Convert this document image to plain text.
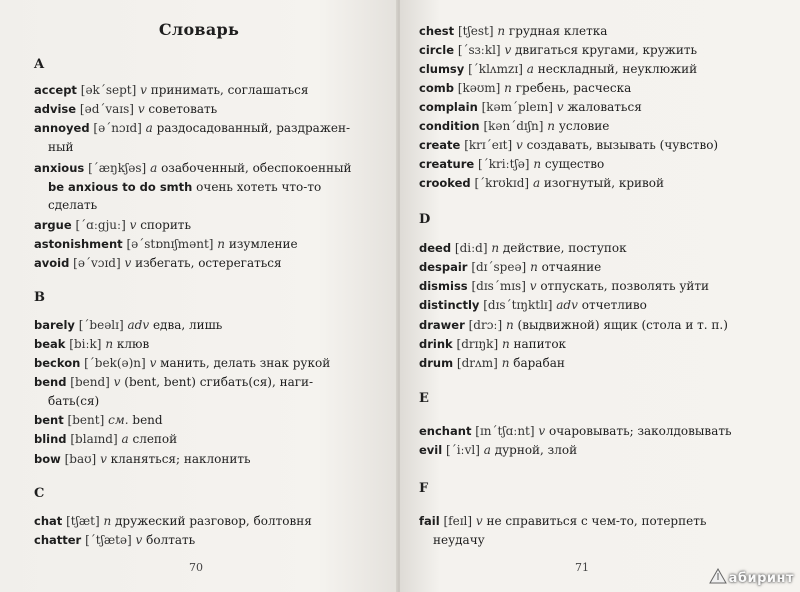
Словарь
A
accept [ək΄sept] v принимать, соглашаться
advise [əd΄vaɪs] v советовать
annoyed [ə΄nɔɪd] a раздосадованный, раздражен-
ный
anxious [΄æŋkʃəs] a озабоченный, обеспокоенный
be anxious to do smth очень хотеть что-то
сделать
argue [΄ɑːgjuː] v спорить
astonishment [ə΄stɒnɪʃmənt] n изумление
avoid [ə΄vɔɪd] v избегать, остерегаться
B
barely [΄beəlɪ] adv едва, лишь
beak [biːk] n клюв
beckon [΄bek(ə)n] v манить, делать знак рукой
bend [bend] v (bent, bent) сгибать(ся), наги-
бать(ся)
bent [bent] см. bend
blind [blaɪnd] a слепой
bow [baʊ] v кланяться; наклонить
C
chat [tʃæt] n дружеский разговор, болтовня
chatter [΄tʃætə] v болтать
70
chest [tʃest] n грудная клетка
circle [΄sɜːkl] v двигаться кругами, кружить
clumsy [΄klʌmzɪ] a нескладный, неуклюжий
comb [kəʊm] n гребень, расческа
complain [kəm΄pleɪn] v жаловаться
condition [kən΄dɪʃn] n условие
create [krɪ΄eɪt] v создавать, вызывать (чувство)
creature [΄kriːtʃə] n существо
crooked [΄krʊkɪd] a изогнутый, кривой
D
deed [diːd] n действие, поступок
despair [dɪ΄speə] n отчаяние
dismiss [dɪs΄mɪs] v отпускать, позволять уйти
distinctly [dɪs΄tɪŋktlɪ] adv отчетливо
drawer [drɔː] n (выдвижной) ящик (стола и т. п.)
drink [drɪŋk] n напиток
drum [drʌm] n барабан
E
enchant [ɪn΄tʃɑːnt] v очаровывать; заколдовывать
evil [΄iːvl] a дурной, злой
F
fail [feɪl] v не справиться с чем-то, потерпеть
неудачу
71
абиринт
